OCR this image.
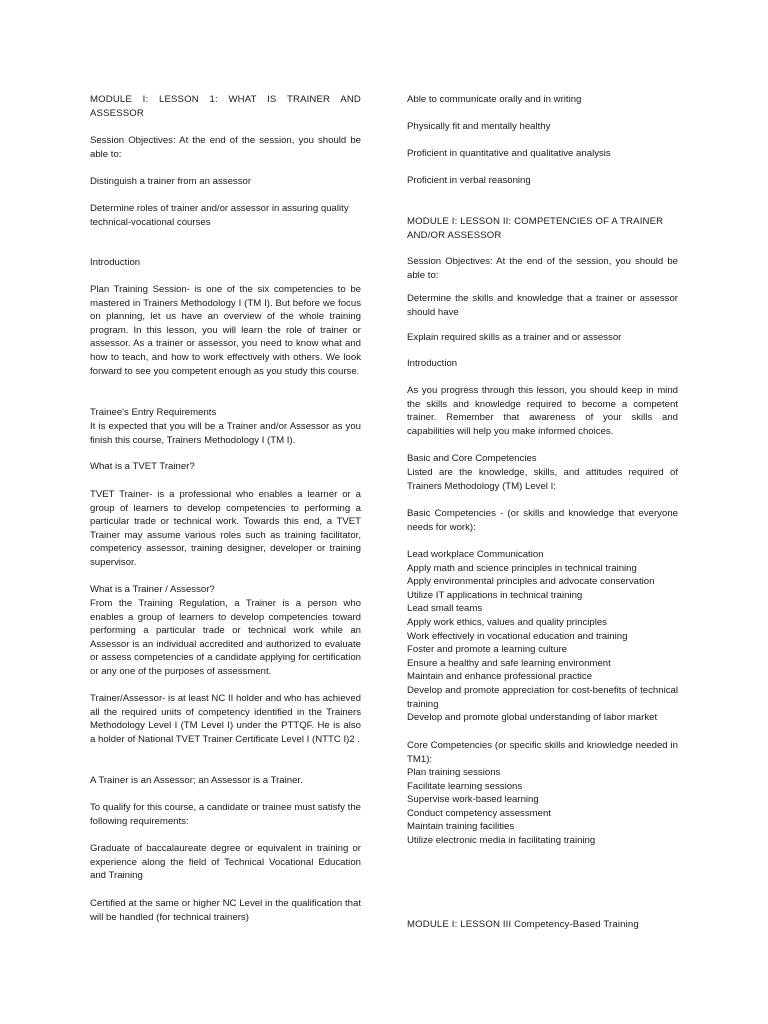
MODULE I: LESSON 1: WHAT IS TRAINER AND ASSESSOR

Session Objectives: At the end of the session, you should be able to:

Distinguish a trainer from an assessor

Determine roles of trainer and/or assessor in assuring quality technical-vocational courses

Introduction

Plan Training Session- is one of the six competencies to be mastered in Trainers Methodology I (TM I). But before we focus on planning, let us have an overview of the whole training program. In this lesson, you will learn the role of trainer or assessor. As a trainer or assessor, you need to know what and how to teach, and how to work effectively with others. We look forward to see you competent enough as you study this course.

Trainee's Entry Requirements

It is expected that you will be a Trainer and/or Assessor as you finish this course, Trainers Methodology I (TM I).

What is a TVET Trainer?

TVET Trainer- is a professional who enables a learner or a group of learners to develop competencies to performing a particular trade or technical work. Towards this end, a TVET Trainer may assume various roles such as training facilitator, competency assessor, training designer, developer or training supervisor.

What is a Trainer / Assessor?

From the Training Regulation, a Trainer is a person who enables a group of learners to develop competencies toward performing a particular trade or technical work while an Assessor is an individual accredited and authorized to evaluate or assess competencies of a candidate applying for certification or any one of the purposes of assessment.

Trainer/Assessor- is at least NC II holder and who has achieved all the required units of competency identified in the Trainers Methodology Level I (TM Level I) under the PTTQF. He is also a holder of National TVET Trainer Certificate Level I (NTTC I)2 .

A Trainer is an Assessor; an Assessor is a Trainer.

To qualify for this course, a candidate or trainee must satisfy the following requirements:

Graduate of baccalaureate degree or equivalent in training or experience along the field of Technical Vocational Education and Training

Certified at the same or higher NC Level in the qualification that will be handled (for technical trainers)

Able to communicate orally and in writing

Physically fit and mentally healthy

Proficient in quantitative and qualitative analysis

Proficient in verbal reasoning

MODULE I: LESSON II: COMPETENCIES OF A TRAINER AND/OR ASSESSOR

Session Objectives: At the end of the session, you should be able to:

Determine the skills and knowledge that a trainer or assessor should have

Explain required skills as a trainer and or assessor

Introduction

As you progress through this lesson, you should keep in mind the skills and knowledge required to become a competent trainer. Remember that awareness of your skills and capabilities will help you make informed choices.

Basic and Core Competencies

Listed are the knowledge, skills, and attitudes required of Trainers Methodology (TM) Level I:

Basic Competencies - (or skills and knowledge that everyone needs for work):

Lead workplace Communication
Apply math and science principles in technical training
Apply environmental principles and advocate conservation
Utilize IT applications in technical training
Lead small teams
Apply work ethics, values and quality principles
Work effectively in vocational education and training
Foster and promote a learning culture
Ensure a healthy and safe learning environment
Maintain and enhance professional practice
Develop and promote appreciation for cost-benefits of technical training
Develop and promote global understanding of labor market

Core Competencies (or specific skills and knowledge needed in TM1):

Plan training sessions
Facilitate learning sessions
Supervise work-based learning
Conduct competency assessment
Maintain training facilities
Utilize electronic media in facilitating training

MODULE I: LESSON III Competency-Based Training
